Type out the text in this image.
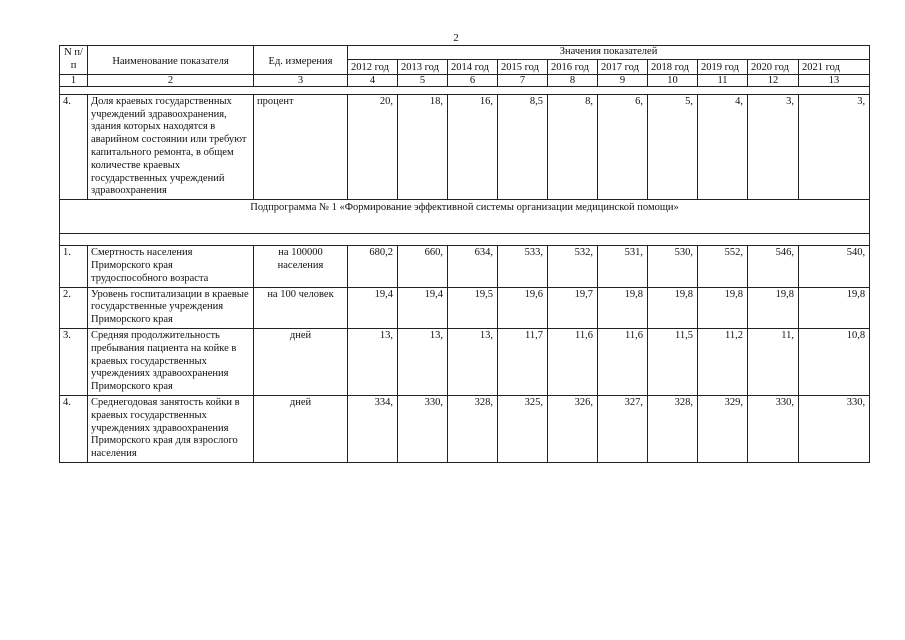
2
N п/п	Наименование показателя	Ед. измерения	Значения показателей									
			2012 год	2013 год	2014 год	2015 год	2016 год	2017 год	2018 год	2019 год	2020 год	2021 год
1	2	3	4	5	6	7	8	9	10	11	12	13

4.	Доля краевых государственных учреждений здравоохранения, здания которых находятся в аварийном состоянии или требуют капитального ремонта, в общем количестве краевых государственных учреждений здравоохранения	процент	20,	18,	16,	8,5	8,	6,	5,	4,	3,	3,
Подпрограмма № 1 «Формирование эффективной системы организации медицинской помощи»												

1.	Смертность населения Приморского края трудоспособного возраста	на 100000 населения	680,2	660,	634,	533,	532,	531,	530,	552,	546,	540,
2.	Уровень госпитализации в краевые государственные учреждения Приморского края	на 100 человек	19,4	19,4	19,5	19,6	19,7	19,8	19,8	19,8	19,8	19,8
3.	Средняя продолжительность пребывания пациента на койке в краевых государственных учреждениях здравоохранения Приморского края	дней	13,	13,	13,	11,7	11,6	11,6	11,5	11,2	11,	10,8
4.	Среднегодовая занятость койки в краевых государственных учреждениях здравоохранения Приморского края для взрослого населения	дней	334,	330,	328,	325,	326,	327,	328,	329,	330,	330,
